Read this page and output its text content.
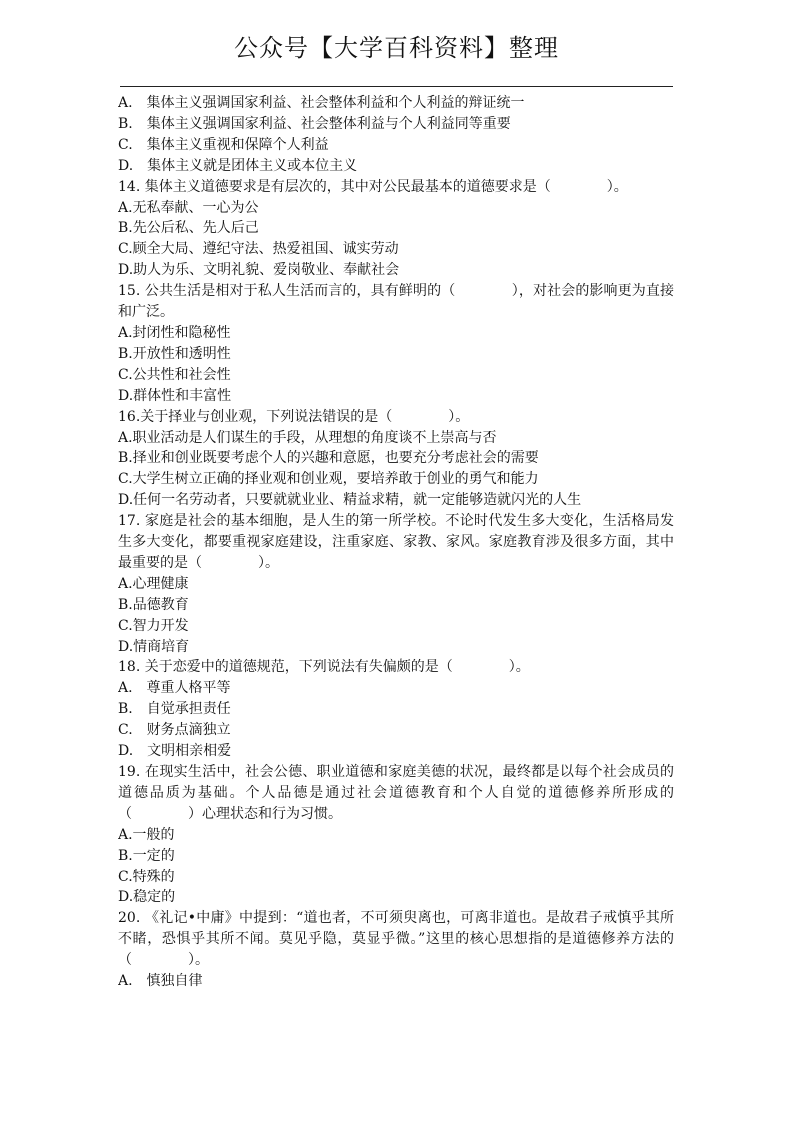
公众号【大学百科资料】整理
A.　集体主义强调国家利益、社会整体利益和个人利益的辩证统一
B.　集体主义强调国家利益、社会整体利益与个人利益同等重要
C.　集体主义重视和保障个人利益
D.　集体主义就是团体主义或本位主义
14. 集体主义道德要求是有层次的，其中对公民最基本的道德要求是（　　　　）。
A.无私奉献、一心为公
B.先公后私、先人后己
C.顾全大局、遵纪守法、热爱祖国、诚实劳动
D.助人为乐、文明礼貌、爱岗敬业、奉献社会
15. 公共生活是相对于私人生活而言的，具有鲜明的（　　　　），对社会的影响更为直接和广泛。
A.封闭性和隐秘性
B.开放性和透明性
C.公共性和社会性
D.群体性和丰富性
16.关于择业与创业观，下列说法错误的是（　　　　）。
A.职业活动是人们谋生的手段，从理想的角度谈不上崇高与否
B.择业和创业既要考虑个人的兴趣和意愿，也要充分考虑社会的需要
C.大学生树立正确的择业观和创业观，要培养敢于创业的勇气和能力
D.任何一名劳动者，只要就就业业、精益求精，就一定能够造就闪光的人生
17. 家庭是社会的基本细胞，是人生的第一所学校。不论时代发生多大变化，生活格局发生多大变化，都要重视家庭建设，注重家庭、家教、家风。家庭教育涉及很多方面，其中最重要的是（　　　　）。
A.心理健康
B.品德教育
C.智力开发
D.情商培育
18. 关于恋爱中的道德规范，下列说法有失偏颇的是（　　　　）。
A.　尊重人格平等
B.　自觉承担责任
C.　财务点滴独立
D.　文明相亲相爱
19. 在现实生活中，社会公德、职业道德和家庭美德的状况，最终都是以每个社会成员的道德品质为基础。个人品德是通过社会道德教育和个人自觉的道德修养所形成的（　　　　）心理状态和行为习惯。
A.一般的
B.一定的
C.特殊的
D.稳定的
20. 《礼记•中庸》中提到：“道也者，不可须臾离也，可离非道也。是故君子戒慎乎其所不睹，恐惧乎其所不闻。莫见乎隐，莫显乎微。”这里的核心思想指的是道德修养方法的（　　　　）。
A.　慎独自律
